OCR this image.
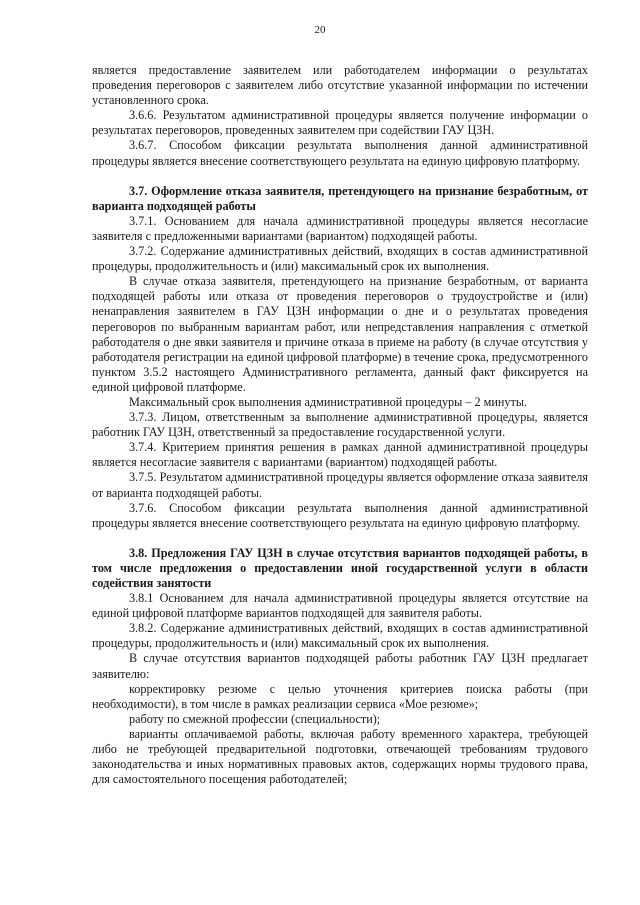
20

является предоставление заявителем или работодателем информации о результатах проведения переговоров с заявителем либо отсутствие указанной информации по истечении установленного срока.

3.6.6. Результатом административной процедуры является получение информации о результатах переговоров, проведенных заявителем при содействии ГАУ ЦЗН.

3.6.7. Способом фиксации результата выполнения данной административной процедуры является внесение соответствующего результата на единую цифровую платформу.

3.7. Оформление отказа заявителя, претендующего на признание безработным, от варианта подходящей работы

3.7.1. Основанием для начала административной процедуры является несогласие заявителя с предложенными вариантами (вариантом) подходящей работы.

3.7.2. Содержание административных действий, входящих в состав административной процедуры, продолжительность и (или) максимальный срок их выполнения.

В случае отказа заявителя, претендующего на признание безработным, от варианта подходящей работы или отказа от проведения переговоров о трудоустройстве и (или) ненаправления заявителем в ГАУ ЦЗН информации о дне и о результатах проведения переговоров по выбранным вариантам работ, или непредставления направления с отметкой работодателя о дне явки заявителя и причине отказа в приеме на работу (в случае отсутствия у работодателя регистрации на единой цифровой платформе) в течение срока, предусмотренного пунктом 3.5.2 настоящего Административного регламента, данный факт фиксируется на единой цифровой платформе.

Максимальный срок выполнения административной процедуры – 2 минуты.

3.7.3. Лицом, ответственным за выполнение административной процедуры, является работник ГАУ ЦЗН, ответственный за предоставление государственной услуги.

3.7.4. Критерием принятия решения в рамках данной административной процедуры является несогласие заявителя с вариантами (вариантом) подходящей работы.

3.7.5. Результатом административной процедуры является оформление отказа заявителя от варианта подходящей работы.

3.7.6. Способом фиксации результата выполнения данной административной процедуры является внесение соответствующего результата на единую цифровую платформу.

3.8. Предложения ГАУ ЦЗН в случае отсутствия вариантов подходящей работы, в том числе предложения о предоставлении иной государственной услуги в области содействия занятости

3.8.1 Основанием для начала административной процедуры является отсутствие на единой цифровой платформе вариантов подходящей для заявителя работы.

3.8.2. Содержание административных действий, входящих в состав административной процедуры, продолжительность и (или) максимальный срок их выполнения.

В случае отсутствия вариантов подходящей работы работник ГАУ ЦЗН предлагает заявителю:

корректировку резюме с целью уточнения критериев поиска работы (при необходимости), в том числе в рамках реализации сервиса «Мое резюме»;

работу по смежной профессии (специальности);

варианты оплачиваемой работы, включая работу временного характера, требующей либо не требующей предварительной подготовки, отвечающей требованиям трудового законодательства и иных нормативных правовых актов, содержащих нормы трудового права, для самостоятельного посещения работодателей;
